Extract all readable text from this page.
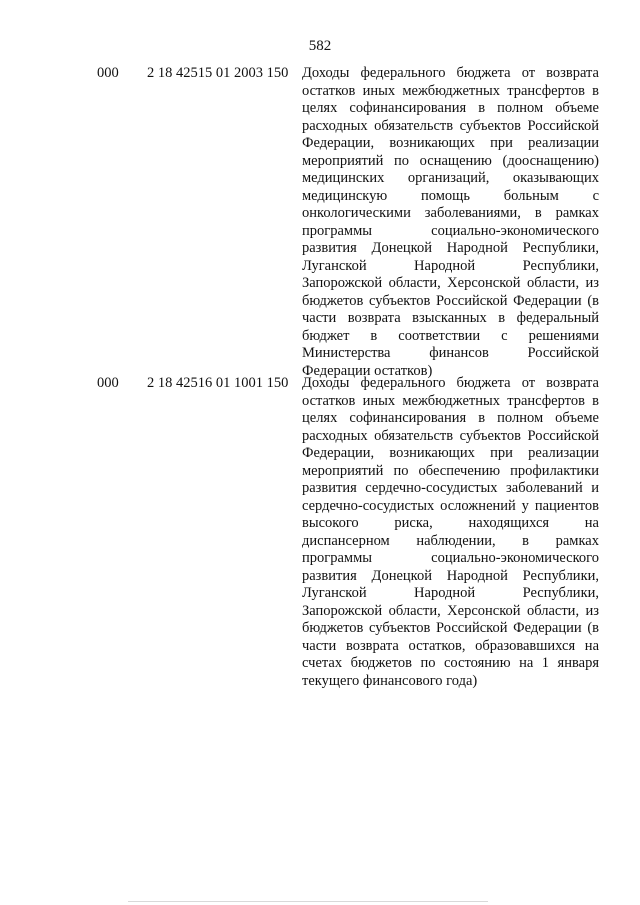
582
000 2 18 42515 01 2003 150 Доходы федерального бюджета от возврата
остатков иных межбюджетных трансфертов в
целях софинансирования в полном объеме
расходных обязательств субъектов Российской
Федерации, возникающих при реализации
мероприятий по оснащению (дооснащению)
медицинских организаций, оказывающих
медицинскую помощь больным с
онкологическими заболеваниями, в рамках
программы социально-экономического
развития Донецкой Народной Республики,
Луганской Народной Республики,
Запорожской области, Херсонской области, из
бюджетов субъектов Российской Федерации (в
части возврата взысканных в федеральный
бюджет в соответствии с решениями
Министерства финансов Российской
Федерации остатков)
000 2 18 42516 01 1001 150 Доходы федерального бюджета от возврата
остатков иных межбюджетных трансфертов в
целях софинансирования в полном объеме
расходных обязательств субъектов Российской
Федерации, возникающих при реализации
мероприятий по обеспечению профилактики
развития сердечно-сосудистых заболеваний и
сердечно-сосудистых осложнений у пациентов
высокого риска, находящихся на
диспансерном наблюдении, в рамках
программы социально-экономического
развития Донецкой Народной Республики,
Луганской Народной Республики,
Запорожской области, Херсонской области, из
бюджетов субъектов Российской Федерации (в
части возврата остатков, образовавшихся на
счетах бюджетов по состоянию на 1 января
текущего финансового года)
